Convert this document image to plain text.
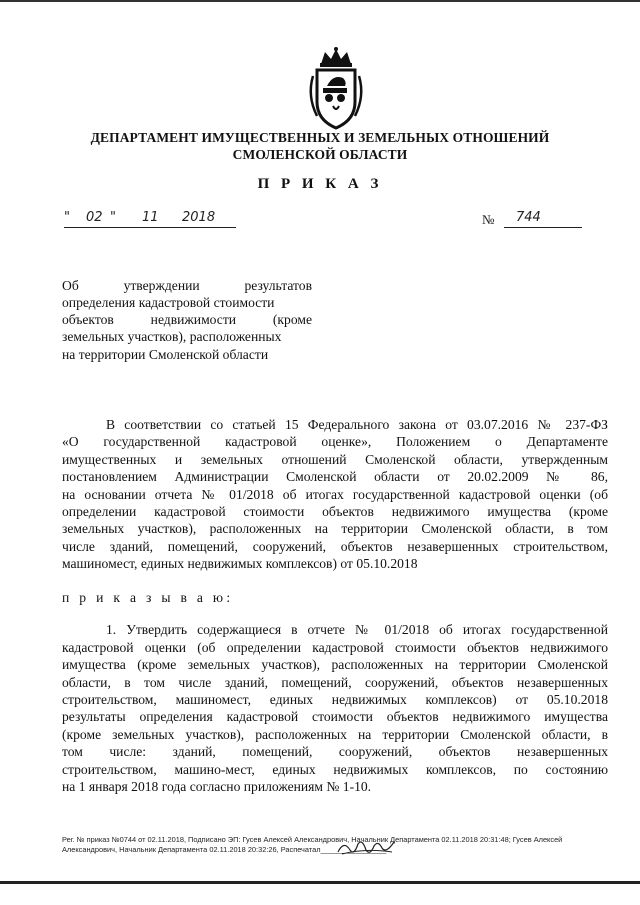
ДЕПАРТАМЕНТ ИМУЩЕСТВЕННЫХ И ЗЕМЕЛЬНЫХ ОТНОШЕНИЙ
СМОЛЕНСКОЙ ОБЛАСТИ
П Р И К А З
" 02 " 11 2018	№ 744
Об утверждении результатов
определения кадастровой стоимости
объектов недвижимости (кроме
земельных участков), расположенных
на территории Смоленской области
В соответствии со статьей 15 Федерального закона от 03.07.2016 № 237-ФЗ
«О государственной кадастровой оценке», Положением о Департаменте
имущественных и земельных отношений Смоленской области, утвержденным
постановлением Администрации Смоленской области от 20.02.2009 № 86,
на основании отчета № 01/2018 об итогах государственной кадастровой оценки (об
определении кадастровой стоимости объектов недвижимого имущества (кроме
земельных участков), расположенных на территории Смоленской области, в том
числе зданий, помещений, сооружений, объектов незавершенных строительством,
машиномест, единых недвижимых комплексов) от 05.10.2018
п р и к а з ы в а ю:
1. Утвердить содержащиеся в отчете № 01/2018 об итогах государственной
кадастровой оценки (об определении кадастровой стоимости объектов недвижимого
имущества (кроме земельных участков), расположенных на территории Смоленской
области, в том числе зданий, помещений, сооружений, объектов незавершенных
строительством, машиномест, единых недвижимых комплексов) от 05.10.2018
результаты определения кадастровой стоимости объектов недвижимого имущества
(кроме земельных участков), расположенных на территории Смоленской области, в
том числе: зданий, помещений, сооружений, объектов незавершенных
строительством, машино-мест, единых недвижимых комплексов, по состоянию
на 1 января 2018 года согласно приложениям № 1-10.
Рег. № приказ №0744 от 02.11.2018, Подписано ЭП: Гусев Алексей Александрович, Начальник Департамента 02.11.2018 20:31:48; Гусев Алексей
Александрович, Начальник Департамента 02.11.2018 20:32:26, Распечатал________________
